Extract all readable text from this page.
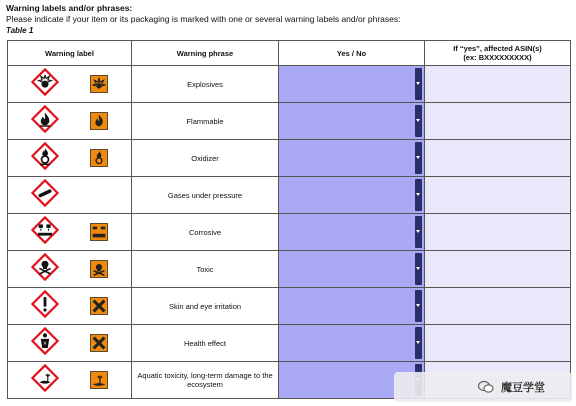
Warning labels and/or phrases:
Please indicate if your item or its packaging is marked with one or several warning labels and/or phrases:
Table 1
Warning label	Warning phrase	Yes / No	If “yes”, affected ASIN(s)
(ex: BXXXXXXXXX)

	Explosives	

	Flammable	

	Oxidizer	

	Gases under pressure	

	Corrosive	

	Toxic	

	Skin and eye irritation	

	Health effect	

	Aquatic toxicity, long-term damage to the ecosystem	
		魔豆学堂
